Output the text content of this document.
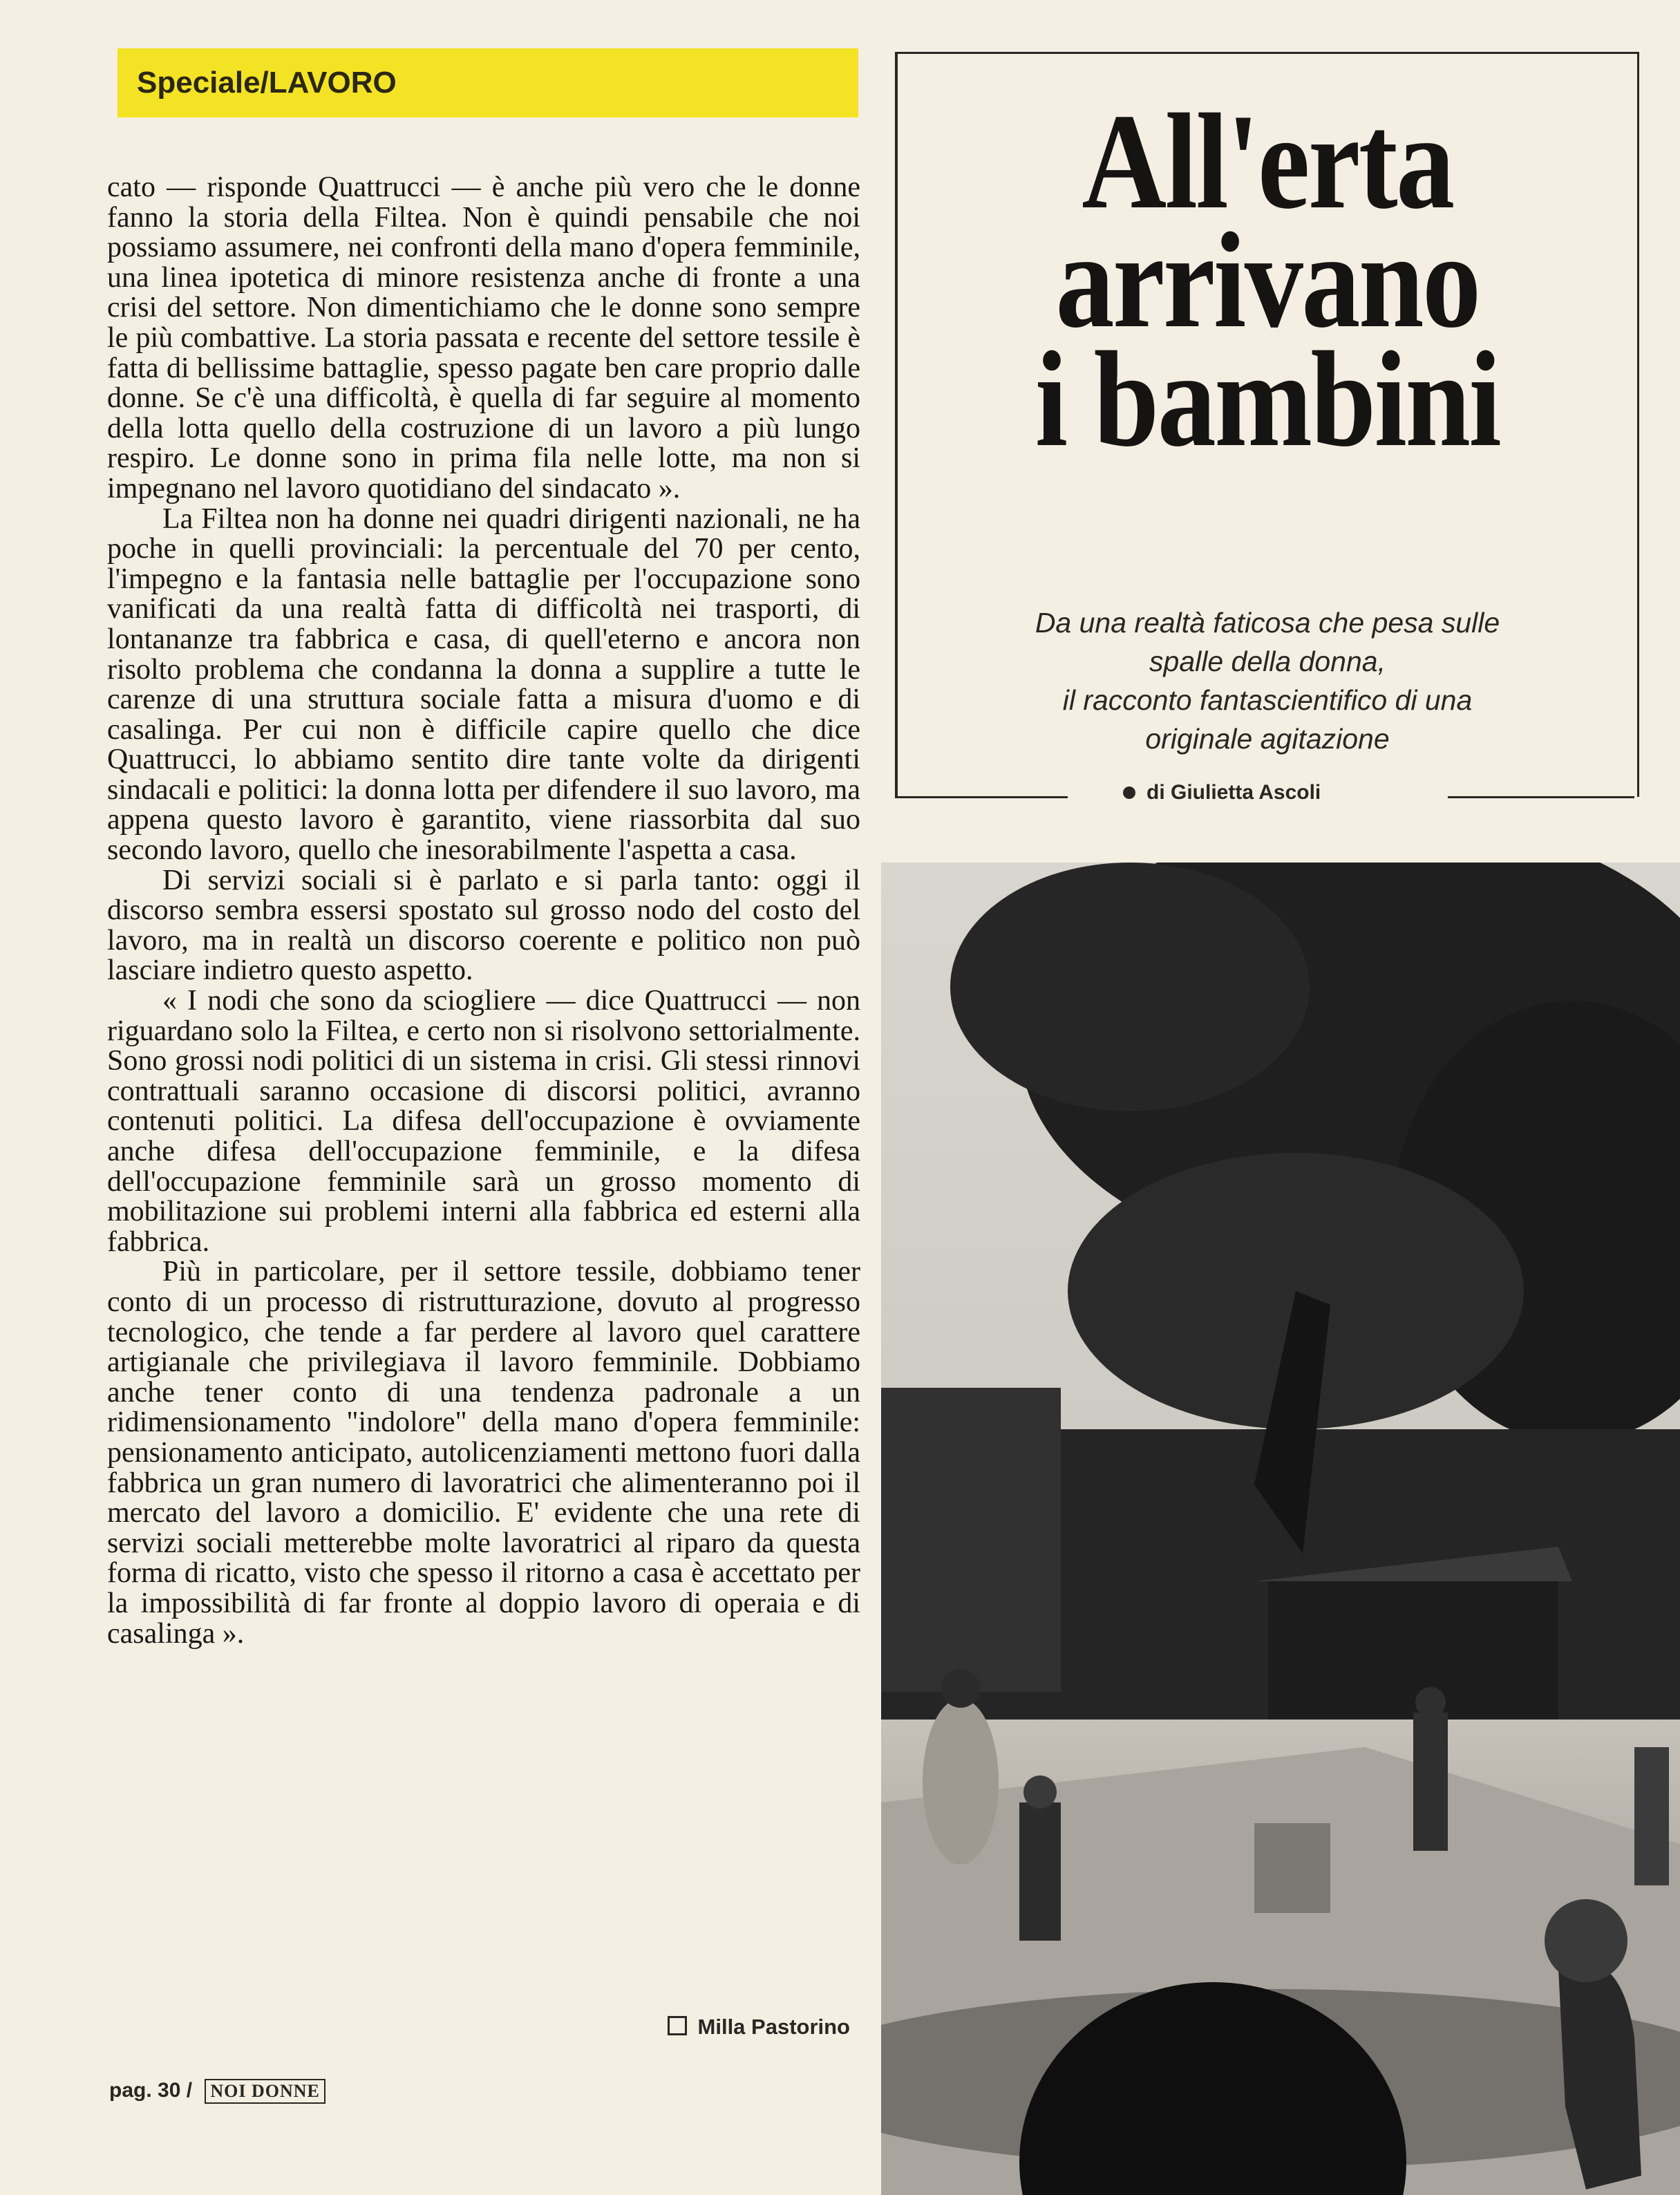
Speciale/LAVORO

cato — risponde Quattrucci — è anche più vero che le donne fanno la storia della Filtea. Non è quindi pensabile che noi possiamo assumere, nei confronti della mano d'opera femminile, una linea ipotetica di minore resistenza anche di fronte a una crisi del settore. Non dimentichiamo che le donne sono sempre le più combattive. La storia passata e recente del settore tessile è fatta di bellissime battaglie, spesso pagate ben care proprio dalle donne. Se c'è una difficoltà, è quella di far seguire al momento della lotta quello della costruzione di un lavoro a più lungo respiro. Le donne sono in prima fila nelle lotte, ma non si impegnano nel lavoro quotidiano del sindacato ».

La Filtea non ha donne nei quadri dirigenti nazionali, ne ha poche in quelli provinciali: la percentuale del 70 per cento, l'impegno e la fantasia nelle battaglie per l'occupazione sono vanificati da una realtà fatta di difficoltà nei trasporti, di lontananze tra fabbrica e casa, di quell'eterno e ancora non risolto problema che condanna la donna a supplire a tutte le carenze di una struttura sociale fatta a misura d'uomo e di casalinga. Per cui non è difficile capire quello che dice Quattrucci, lo abbiamo sentito dire tante volte da dirigenti sindacali e politici: la donna lotta per difendere il suo lavoro, ma appena questo lavoro è garantito, viene riassorbita dal suo secondo lavoro, quello che inesorabilmente l'aspetta a casa.

Di servizi sociali si è parlato e si parla tanto: oggi il discorso sembra essersi spostato sul grosso nodo del costo del lavoro, ma in realtà un discorso coerente e politico non può lasciare indietro questo aspetto.

« I nodi che sono da sciogliere — dice Quattrucci — non riguardano solo la Filtea, e certo non si risolvono settorialmente. Sono grossi nodi politici di un sistema in crisi. Gli stessi rinnovi contrattuali saranno occasione di discorsi politici, avranno contenuti politici. La difesa dell'occupazione è ovviamente anche difesa dell'occupazione femminile, e la difesa dell'occupazione femminile sarà un grosso momento di mobilitazione sui problemi interni alla fabbrica ed esterni alla fabbrica.

Più in particolare, per il settore tessile, dobbiamo tener conto di un processo di ristrutturazione, dovuto al progresso tecnologico, che tende a far perdere al lavoro quel carattere artigianale che privilegiava il lavoro femminile. Dobbiamo anche tener conto di una tendenza padronale a un ridimensionamento "indolore" della mano d'opera femminile: pensionamento anticipato, autolicenziamenti mettono fuori dalla fabbrica un gran numero di lavoratrici che alimenteranno poi il mercato del lavoro a domicilio. E' evidente che una rete di servizi sociali metterebbe molte lavoratrici al riparo da questa forma di ricatto, visto che spesso il ritorno a casa è accettato per la impossibilità di far fronte al doppio lavoro di operaia e di casalinga ».

Milla Pastorino
pag. 30 / NOI DONNE
All'erta
arrivano
i bambini
Da una realtà faticosa che pesa sulle
spalle della donna,
il racconto fantascientifico di una
originale agitazione
di Giulietta Ascoli
